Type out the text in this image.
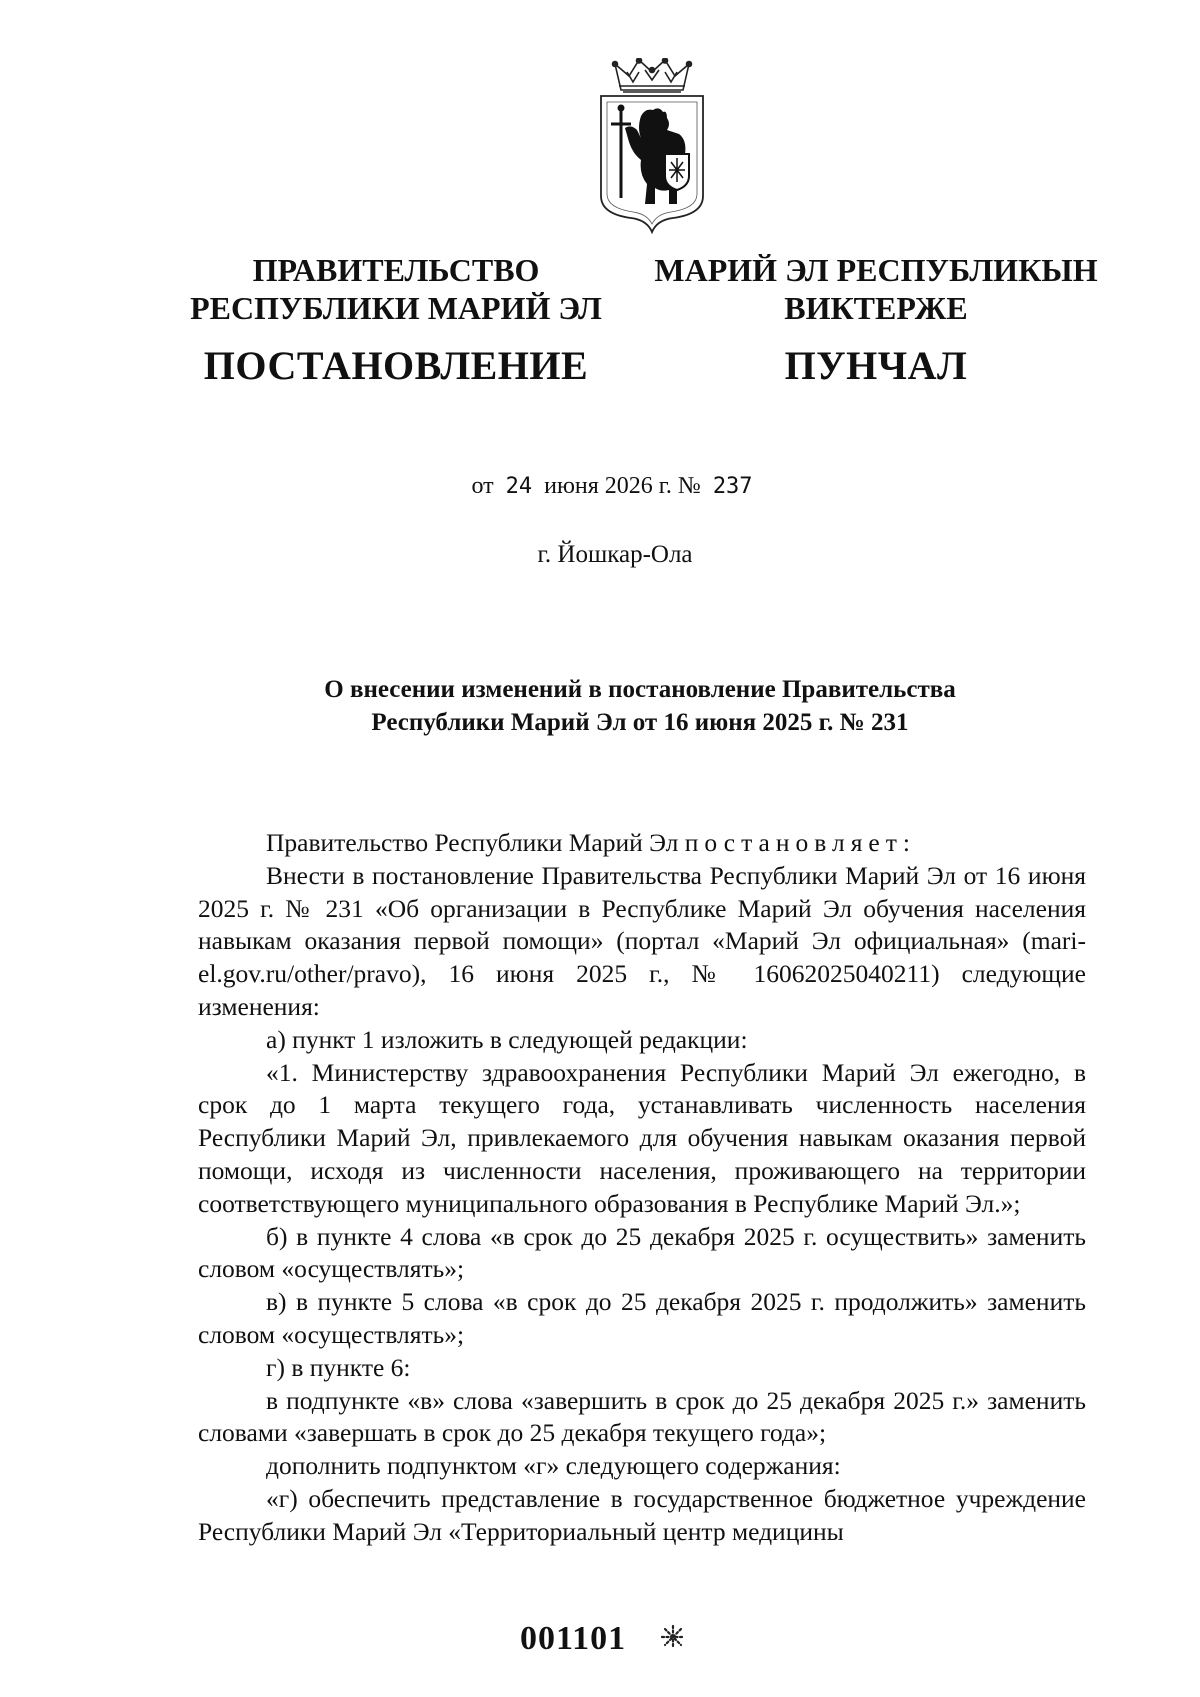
ПРАВИТЕЛЬСТВО
РЕСПУБЛИКИ МАРИЙ ЭЛ
ПОСТАНОВЛЕНИЕ
МАРИЙ ЭЛ РЕСПУБЛИКЫН
ВИКТЕРЖЕ
ПУНЧАЛ
от 24 июня 2026 г. № 237
г. Йошкар-Ола
О внесении изменений в постановление Правительства
Республики Марий Эл от 16 июня 2025 г. № 231

Правительство Республики Марий Эл постановляет:

Внести в постановление Правительства Республики Марий Эл от 16 июня 2025 г. № 231 «Об организации в Республике Марий Эл обучения населения навыкам оказания первой помощи» (портал «Марий Эл официальная» (mari-el.gov.ru/other/pravo), 16 июня 2025 г., № 16062025040211) следующие изменения:

а) пункт 1 изложить в следующей редакции:

«1. Министерству здравоохранения Республики Марий Эл ежегодно, в срок до 1 марта текущего года, устанавливать численность населения Республики Марий Эл, привлекаемого для обучения навыкам оказания первой помощи, исходя из численности населения, проживающего на территории соответствующего муниципального образования в Республике Марий Эл.»;

б) в пункте 4 слова «в срок до 25 декабря 2025 г. осуществить» заменить словом «осуществлять»;

в) в пункте 5 слова «в срок до 25 декабря 2025 г. продолжить» заменить словом «осуществлять»;

г) в пункте 6:

в подпункте «в» слова «завершить в срок до 25 декабря 2025 г.» заменить словами «завершать в срок до 25 декабря текущего года»;

дополнить подпунктом «г» следующего содержания:

«г) обеспечить представление в государственное бюджетное учреждение Республики Марий Эл «Территориальный центр медицины

001101
